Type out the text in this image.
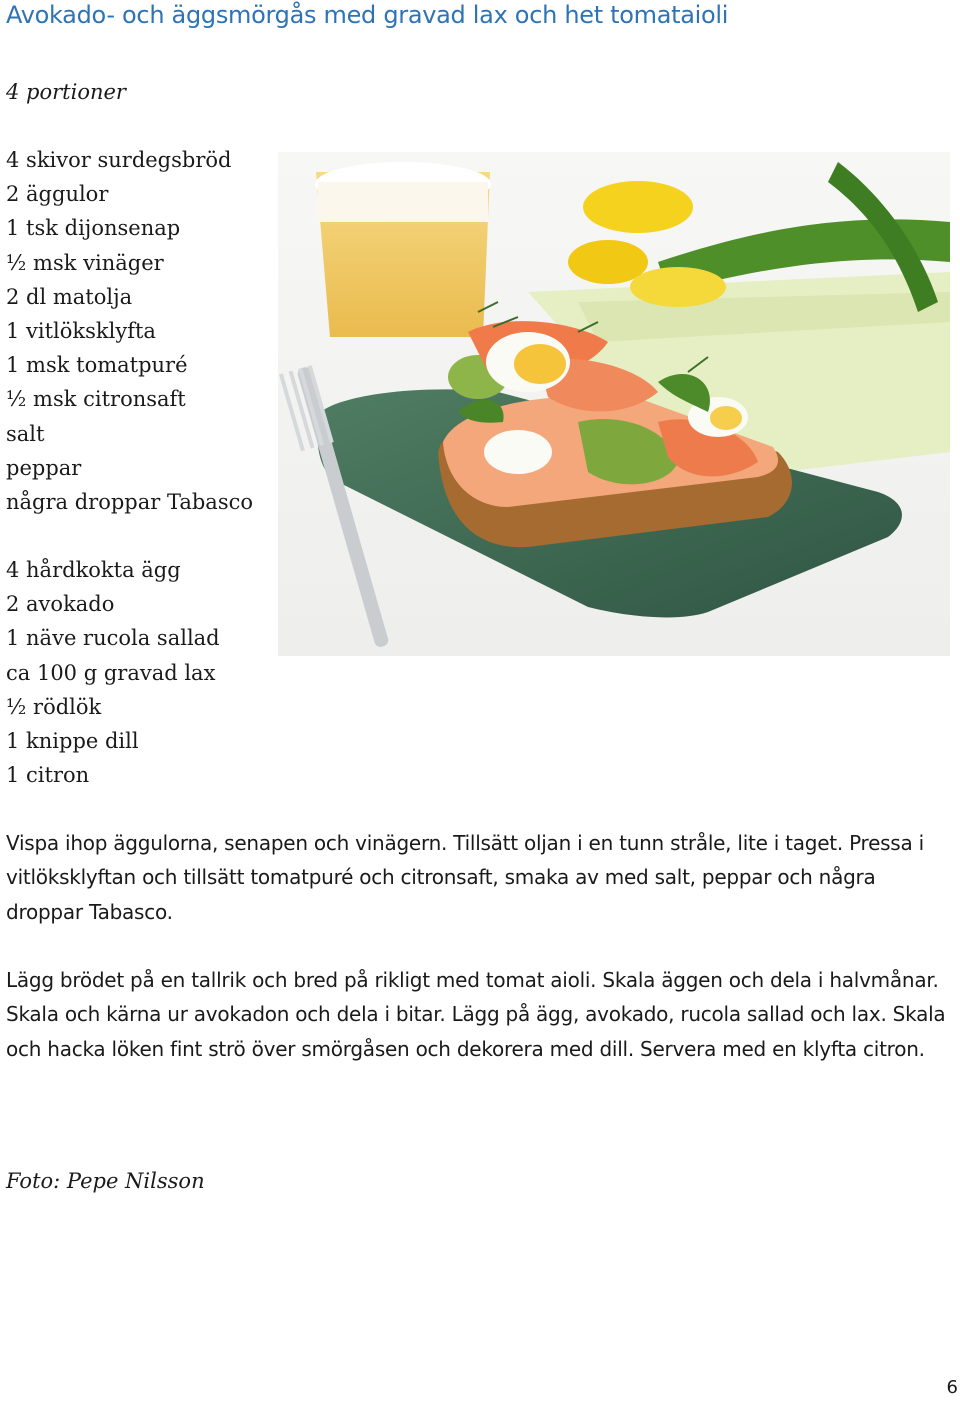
Avokado- och äggsmörgås med gravad lax och het tomataioli

4 portioner

4 skivor surdegsbröd
2 äggulor
1 tsk dijonsenap
½ msk vinäger
2 dl matolja
1 vitlöksklyfta
1 msk tomatpuré
½ msk citronsaft
salt
peppar
några droppar Tabasco
4 hårdkokta ägg
2 avokado
1 näve rucola sallad
ca 100 g gravad lax
½ rödlök
1 knippe dill
1 citron

Vispa ihop äggulorna, senapen och vinägern. Tillsätt oljan i en tunn stråle, lite i taget. Pressa i vitlöksklyftan och tillsätt tomatpuré och citronsaft, smaka av med salt, peppar och några droppar Tabasco.

Lägg brödet på en tallrik och bred på rikligt med tomat aioli. Skala äggen och dela i halvmånar. Skala och kärna ur avokadon och dela i bitar. Lägg på ägg, avokado, rucola sallad och lax. Skala och hacka löken fint strö över smörgåsen och dekorera med dill. Servera med en klyfta citron.

Foto: Pepe Nilsson

6
